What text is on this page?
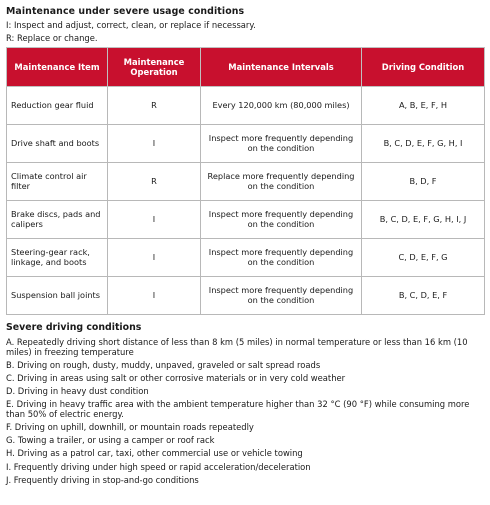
Maintenance under severe usage conditions
I: Inspect and adjust, correct, clean, or replace if necessary.
R: Replace or change.
Maintenance Item	Maintenance Operation	Maintenance Intervals	Driving Condition
Reduction gear fluid	R	Every 120,000 km (80,000 miles)	A, B, E, F, H
Drive shaft and boots	I	Inspect more frequently depending on the condition	B, C, D, E, F, G, H, I
Climate control air filter	R	Replace more frequently depending on the condition	B, D, F
Brake discs, pads and calipers	I	Inspect more frequently depending on the condition	B, C, D, E, F, G, H, I, J
Steering-gear rack, linkage, and boots	I	Inspect more frequently depending on the condition	C, D, E, F, G
Suspension ball joints	I	Inspect more frequently depending on the condition	B, C, D, E, F
Severe driving conditions
A. Repeatedly driving short distance of less than 8 km (5 miles) in normal temperature or less than 16 km (10 miles) in freezing temperature
B. Driving on rough, dusty, muddy, unpaved, graveled or salt spread roads
C. Driving in areas using salt or other corrosive materials or in very cold weather
D. Driving in heavy dust condition
E. Driving in heavy traffic area with the ambient temperature higher than 32 °C (90 °F) while consuming more than 50% of electric energy.
F. Driving on uphill, downhill, or mountain roads repeatedly
G. Towing a trailer, or using a camper or roof rack
H. Driving as a patrol car, taxi, other commercial use or vehicle towing
I. Frequently driving under high speed or rapid acceleration/deceleration
J. Frequently driving in stop-and-go conditions
